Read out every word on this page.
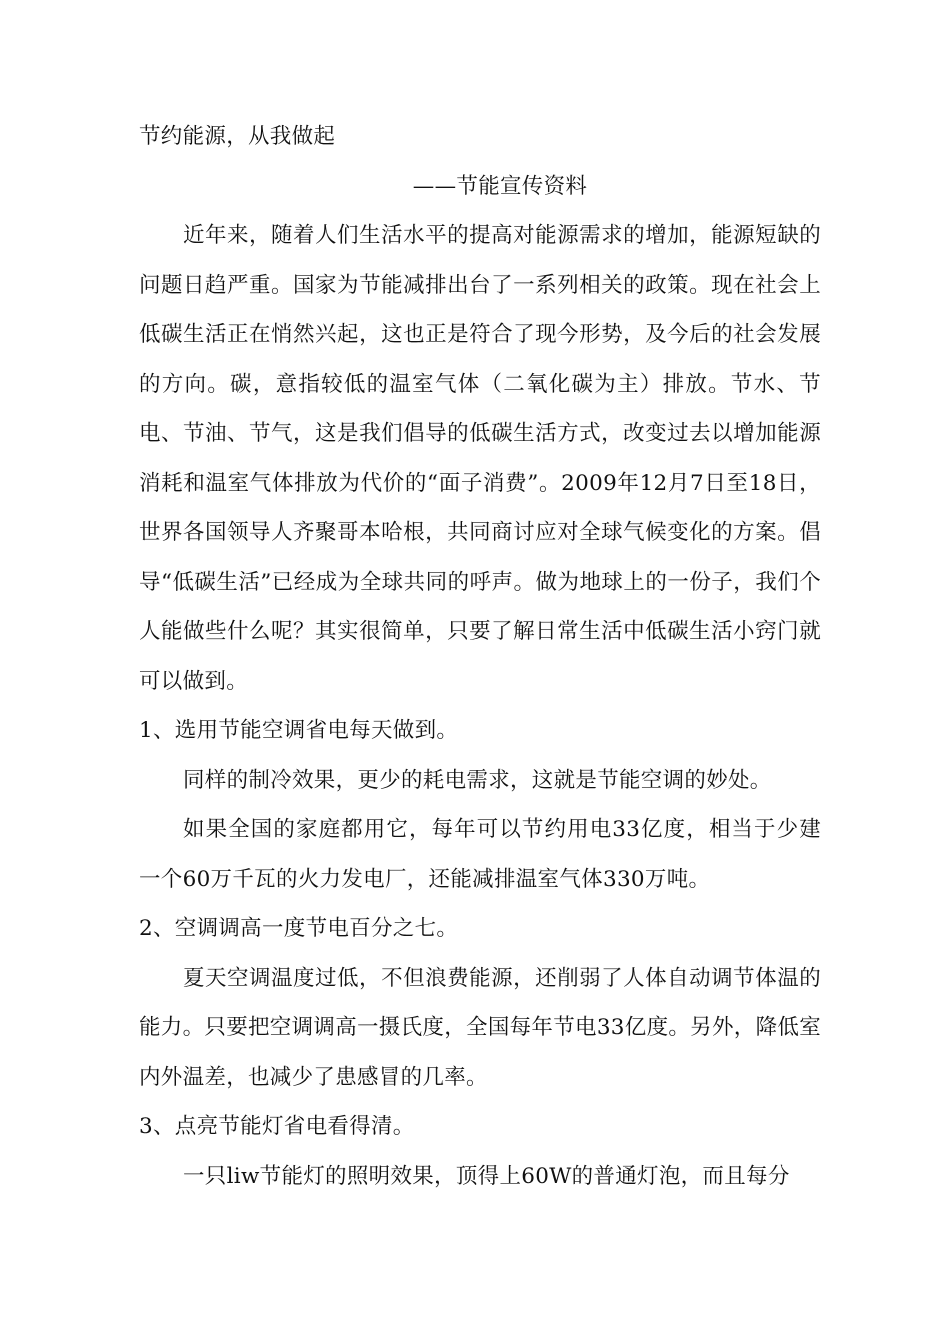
节约能源，从我做起

——节能宣传资料

近年来，随着人们生活水平的提高对能源需求的增加，能源短缺的问题日趋严重。国家为节能减排出台了一系列相关的政策。现在社会上低碳生活正在悄然兴起，这也正是符合了现今形势，及今后的社会发展的方向。碳，意指较低的温室气体（二氧化碳为主）排放。节水、节电、节油、节气，这是我们倡导的低碳生活方式，改变过去以增加能源消耗和温室气体排放为代价的“面子消费”。2009年12月7日至18日，世界各国领导人齐聚哥本哈根，共同商讨应对全球气候变化的方案。倡导“低碳生活”已经成为全球共同的呼声。做为地球上的一份子，我们个人能做些什么呢？其实很简单，只要了解日常生活中低碳生活小窍门就可以做到。

1、选用节能空调省电每天做到。

同样的制冷效果，更少的耗电需求，这就是节能空调的妙处。

如果全国的家庭都用它，每年可以节约用电33亿度，相当于少建一个60万千瓦的火力发电厂，还能减排温室气体330万吨。

2、空调调高一度节电百分之七。

夏天空调温度过低，不但浪费能源，还削弱了人体自动调节体温的能力。只要把空调调高一摄氏度，全国每年节电33亿度。另外，降低室内外温差，也减少了患感冒的几率。

3、点亮节能灯省电看得清。

一只liw节能灯的照明效果，顶得上60W的普通灯泡，而且每分
